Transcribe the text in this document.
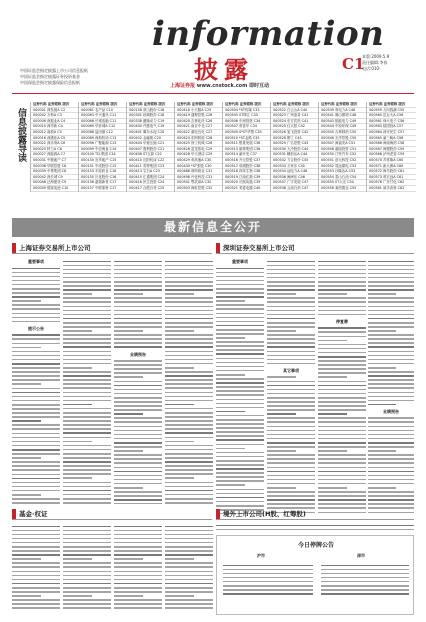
information
披露
中国证监会指定披露上市公司信息报纸
中国证监会指定披露证券投资基金
中国保监会指定披露保险信息报纸
C1
本版:2009.5.9
责任编辑:李春
电话:010-
上海证券报 www.cnstock.com 即时互动
信息披露导读
证券代码 证券简称 版次
000001 深发展A C2
000002 万科A C3
000006 深振业A C4
000010 深华新 C4
000012 南玻A C5
000016 深康佳A C5
000022 深赤湾A C6
000025 特力A C6
000027 深能源A C7
000031 中粮地产 C7
000036 华联控股 C8
000039 中集集团 C8
000042 深长城 C9
000046 泛海建设 C9
000049 德赛电池 C10
证券代码 证券简称 版次
000061 农产品 C10
000063 中兴通讯 C11
000066 长城电脑 C11
000069 华侨城A C12
000088 盐田港 C12
000089 深圳机场 C13
000096 广聚能源 C13
000099 中信海直 C14
000100 TCL集团 C14
000150 宜华地产 C15
000151 中成股份 C15
000153 丰原药业 C16
000155 川化股份 C16
000156 嘉瑞新材 C17
000157 中联重科 C17
证券代码 证券简称 版次
000158 常山股份 C18
000301 丝绸股份 C18
000338 潍柴动力 C19
000400 许继电气 C19
000401 冀东水泥 C20
000402 金融街 C20
000404 华意压缩 C21
000407 胜利股份 C21
000408 ST玉源 C22
000410 沈阳机床 C22
000411 英特集团 C23
000413 宝石A C23
000415 汇通集团 C24
000416 民生投资 C24
000417 合肥百货 C25
证券代码 证券简称 版次
000418 小天鹅A C25
000419 通程控股 C26
000420 吉林化纤 C26
000421 南京中北 C27
000422 湖北宜化 C27
000423 东阿阿胶 C28
000425 徐工机械 C28
000426 富龙热电 C29
000428 华天酒店 C29
000429 粤高速A C30
000430 *ST张股 C30
000488 晨鸣纸业 C31
000498 丹化科技 C31
000501 鄂武商A C32
000503 海虹控股 C32
证券代码 证券简称 版次
000504 *ST传媒 C33
000505 ST珠江 C33
000506 中润投资 C34
000507 粤富华 C34
000509 S*ST华塑 C35
000510 *ST金路 C35
000511 银基发展 C36
000513 丽珠集团 C36
000514 渝开发 C37
000516 开元控股 C37
000517 成城股份 C38
000518 四环生物 C38
000519 江南红箭 C39
000520 长航凤凰 C39
000521 美菱电器 C40
证券代码 证券简称 版次
000522 白云山A C40
000523 广州浪奇 C41
000524 东方宾馆 C41
000525 红太阳 C42
000526 旭飞投资 C42
000528 柳工 C43
000529 广弘控股 C43
000530 大冷股份 C44
000531 穗恒运A C44
000532 力合股份 C45
000533 万家乐 C45
000534 汕电力A C46
000536 闽闽东 C46
000537 广宇发展 C47
000538 云南白药 C47
证券代码 证券简称 版次
000539 粤电力A C48
000541 佛山照明 C48
000543 皖能电力 C49
000544 中原环保 C49
000545 吉林制药 C50
000546 光华控股 C50
000547 闽福发A C51
000548 湖南投资 C51
000550 江铃汽车 C52
000551 创元科技 C52
000552 靖远煤电 C53
000553 沙隆达A C53
000554 泰山石油 C54
000555 ST太光 C54
000558 莱茵置业 C55
证券代码 证券简称 版次
000559 万向钱潮 C55
000560 昆百大A C56
000561 烽火电子 C56
000563 陕国投A C57
000564 西安民生 C57
000565 渝三峡A C58
000566 海南海药 C58
000567 海德股份 C59
000568 泸州老窖 C59
000570 苏常柴A C60
000571 新大洲A C60
000572 海马股份 C61
000573 粤宏远A C61
000576 广东甘化 C62
000581 威孚高科 C62
最新信息全公开
上海证券交易所上市公司	深圳证券交易所上市公司
重要事项
提示公告
业绩预告
重要事项
其它事项
停复牌
业绩预告
基金·权证	境外上市公司(H股、红筹股)
今日停牌公告
沪市	深市
